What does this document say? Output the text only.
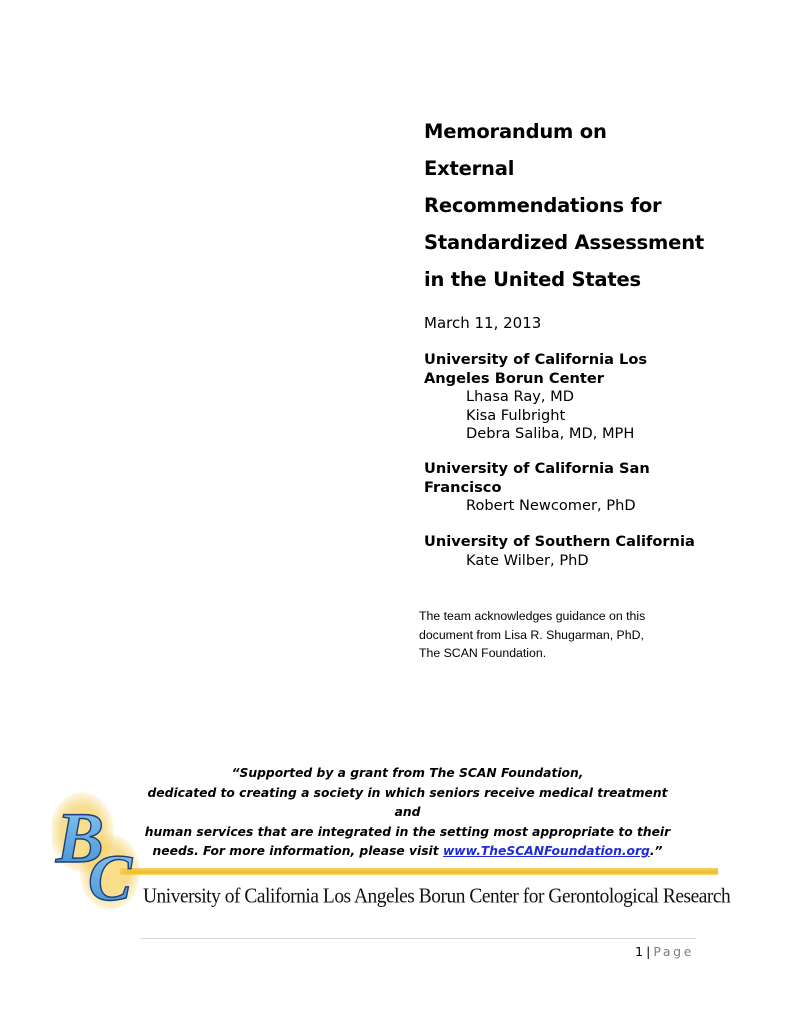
Memorandum on
External
Recommendations for
Standardized Assessment
in the United States
March 11, 2013
University of California Los
Angeles Borun Center
Lhasa Ray, MD
Kisa Fulbright
Debra Saliba, MD, MPH
University of California San
Francisco
Robert Newcomer, PhD
University of Southern California
Kate Wilber, PhD
The team acknowledges guidance on this
document from Lisa R. Shugarman, PhD,
The SCAN Foundation.
“Supported by a grant from The SCAN Foundation,
dedicated to creating a society in which seniors receive medical treatment and
human services that are integrated in the setting most appropriate to their
needs. For more information, please visit www.TheSCANFoundation.org.”
B
C University of California Los Angeles Borun Center for Gerontological Research
1 | Page
